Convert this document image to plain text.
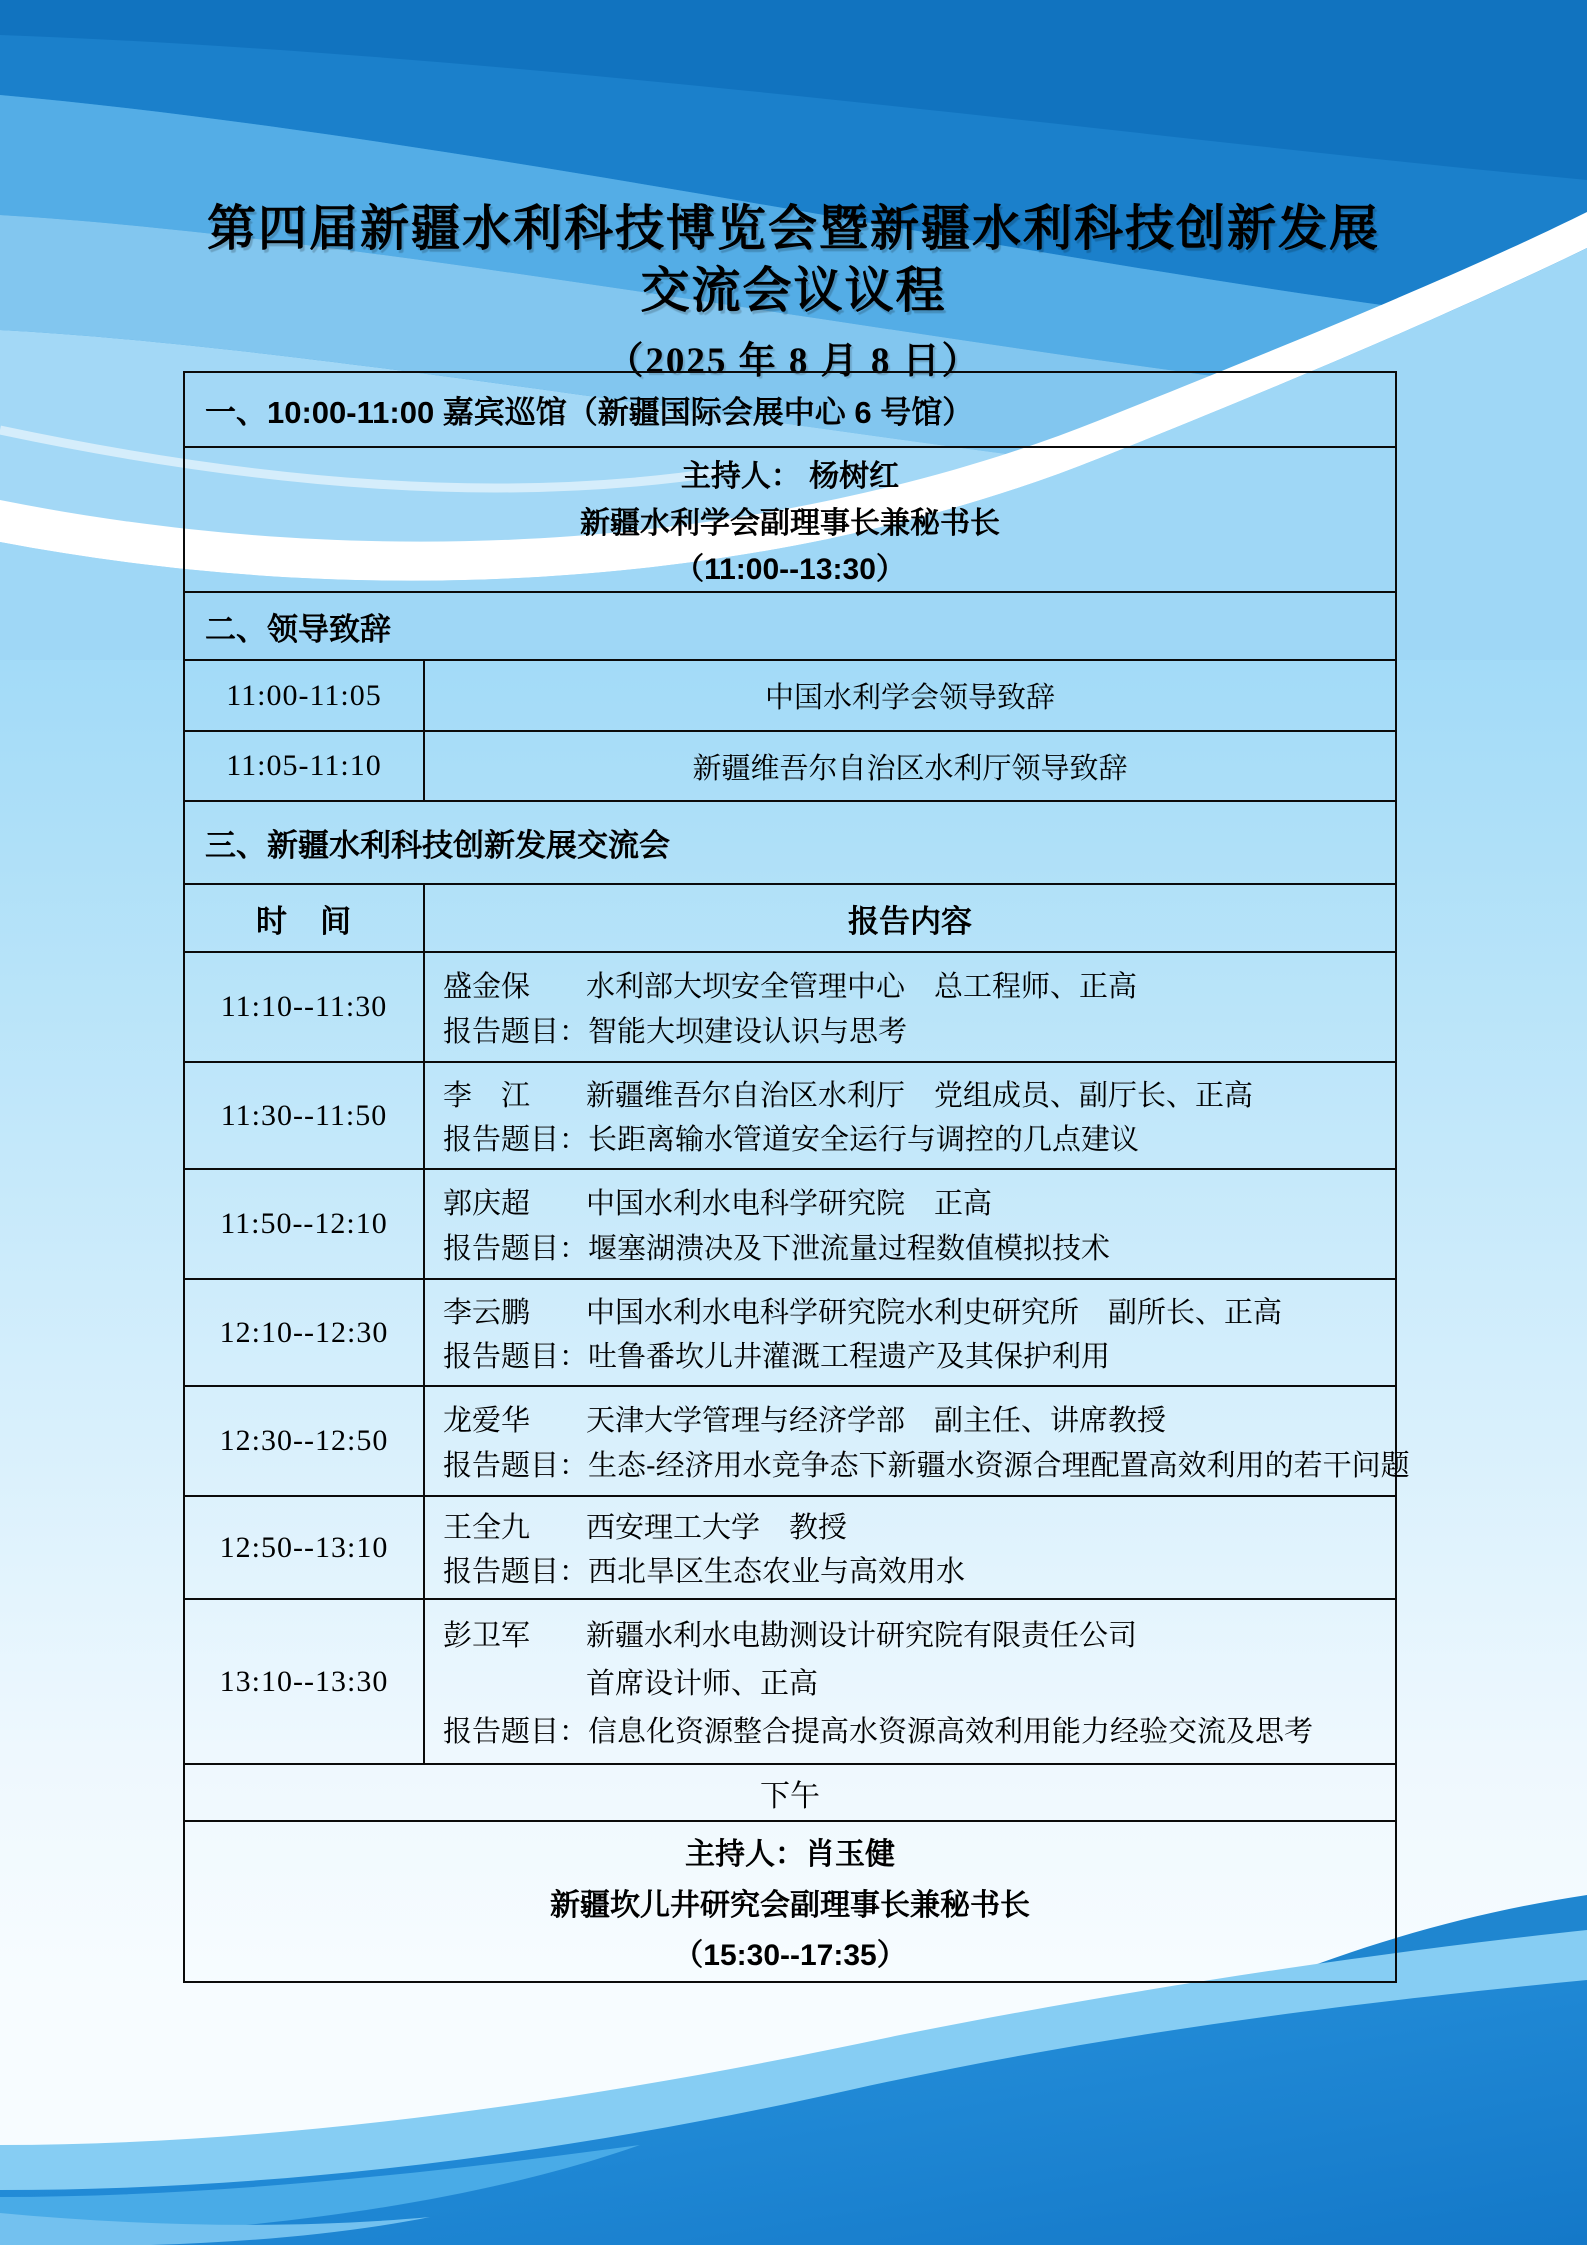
第四届新疆水利科技博览会暨新疆水利科技创新发展
交流会议议程
（2025 年 8 月 8 日）
一、10:00-11:00 嘉宾巡馆（新疆国际会展中心 6 号馆）
主持人： 杨树红
新疆水利学会副理事长兼秘书长
（11:00--13:30）
二、领导致辞
11:00-11:05	中国水利学会领导致辞
11:05-11:10	新疆维吾尔自治区水利厅领导致辞
三、新疆水利科技创新发展交流会
时　间	报告内容
11:10--11:30
盛金保 水利部大坝安全管理中心　总工程师、正高
报告题目：智能大坝建设认识与思考
11:30--11:50
李　江 新疆维吾尔自治区水利厅　党组成员、副厅长、正高
报告题目：长距离输水管道安全运行与调控的几点建议
11:50--12:10
郭庆超 中国水利水电科学研究院　正高
报告题目：堰塞湖溃决及下泄流量过程数值模拟技术
12:10--12:30
李云鹏 中国水利水电科学研究院水利史研究所　副所长、正高
报告题目：吐鲁番坎儿井灌溉工程遗产及其保护利用
12:30--12:50
龙爱华 天津大学管理与经济学部　副主任、讲席教授
报告题目：生态-经济用水竞争态下新疆水资源合理配置高效利用的若干问题
12:50--13:10
王全九 西安理工大学　教授
报告题目：西北旱区生态农业与高效用水
13:10--13:30
彭卫军 新疆水利水电勘测设计研究院有限责任公司
首席设计师、正高
报告题目：信息化资源整合提高水资源高效利用能力经验交流及思考
下午
主持人：肖玉健
新疆坎儿井研究会副理事长兼秘书长
（15:30--17:35）
